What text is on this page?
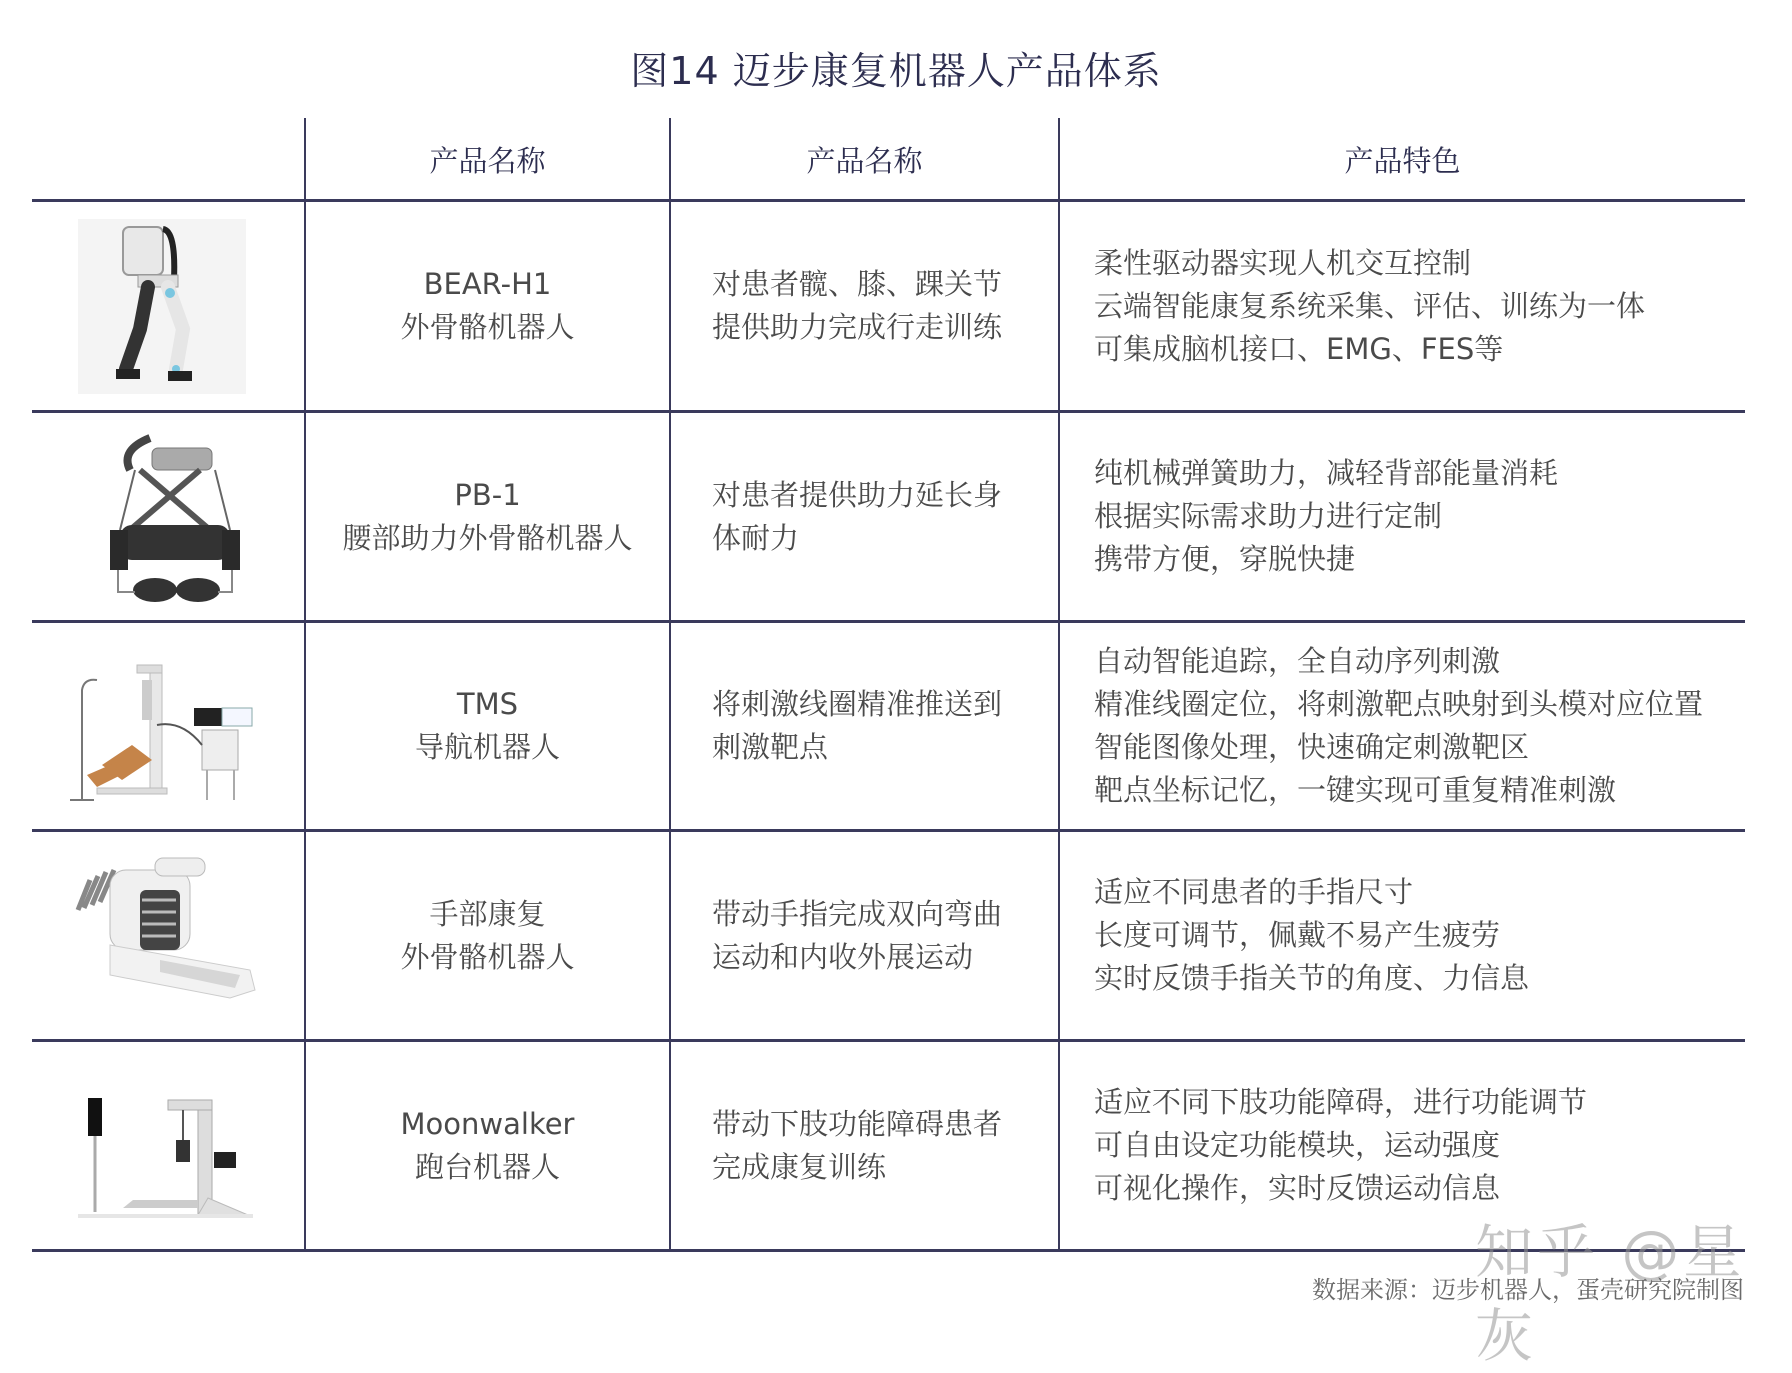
图14 迈步康复机器人产品体系
产品名称	产品名称	产品特色
BEAR-H1
外骨骼机器人
对患者髋、膝、踝关节
提供助力完成行走训练
柔性驱动器实现人机交互控制
云端智能康复系统采集、评估、训练为一体
可集成脑机接口、EMG、FES等
PB-1
腰部助力外骨骼机器人
对患者提供助力延长身
体耐力
纯机械弹簧助力，减轻背部能量消耗
根据实际需求助力进行定制
携带方便，穿脱快捷
TMS
导航机器人
将刺激线圈精准推送到
刺激靶点
自动智能追踪，全自动序列刺激
精准线圈定位，将刺激靶点映射到头模对应位置
智能图像处理，快速确定刺激靶区
靶点坐标记忆，一键实现可重复精准刺激
手部康复
外骨骼机器人
带动手指完成双向弯曲
运动和内收外展运动
适应不同患者的手指尺寸
长度可调节，佩戴不易产生疲劳
实时反馈手指关节的角度、力信息
Moonwalker
跑台机器人
带动下肢功能障碍患者
完成康复训练
适应不同下肢功能障碍，进行功能调节
可自由设定功能模块，运动强度
可视化操作，实时反馈运动信息
知乎 @星灰
数据来源：迈步机器人，蛋壳研究院制图
